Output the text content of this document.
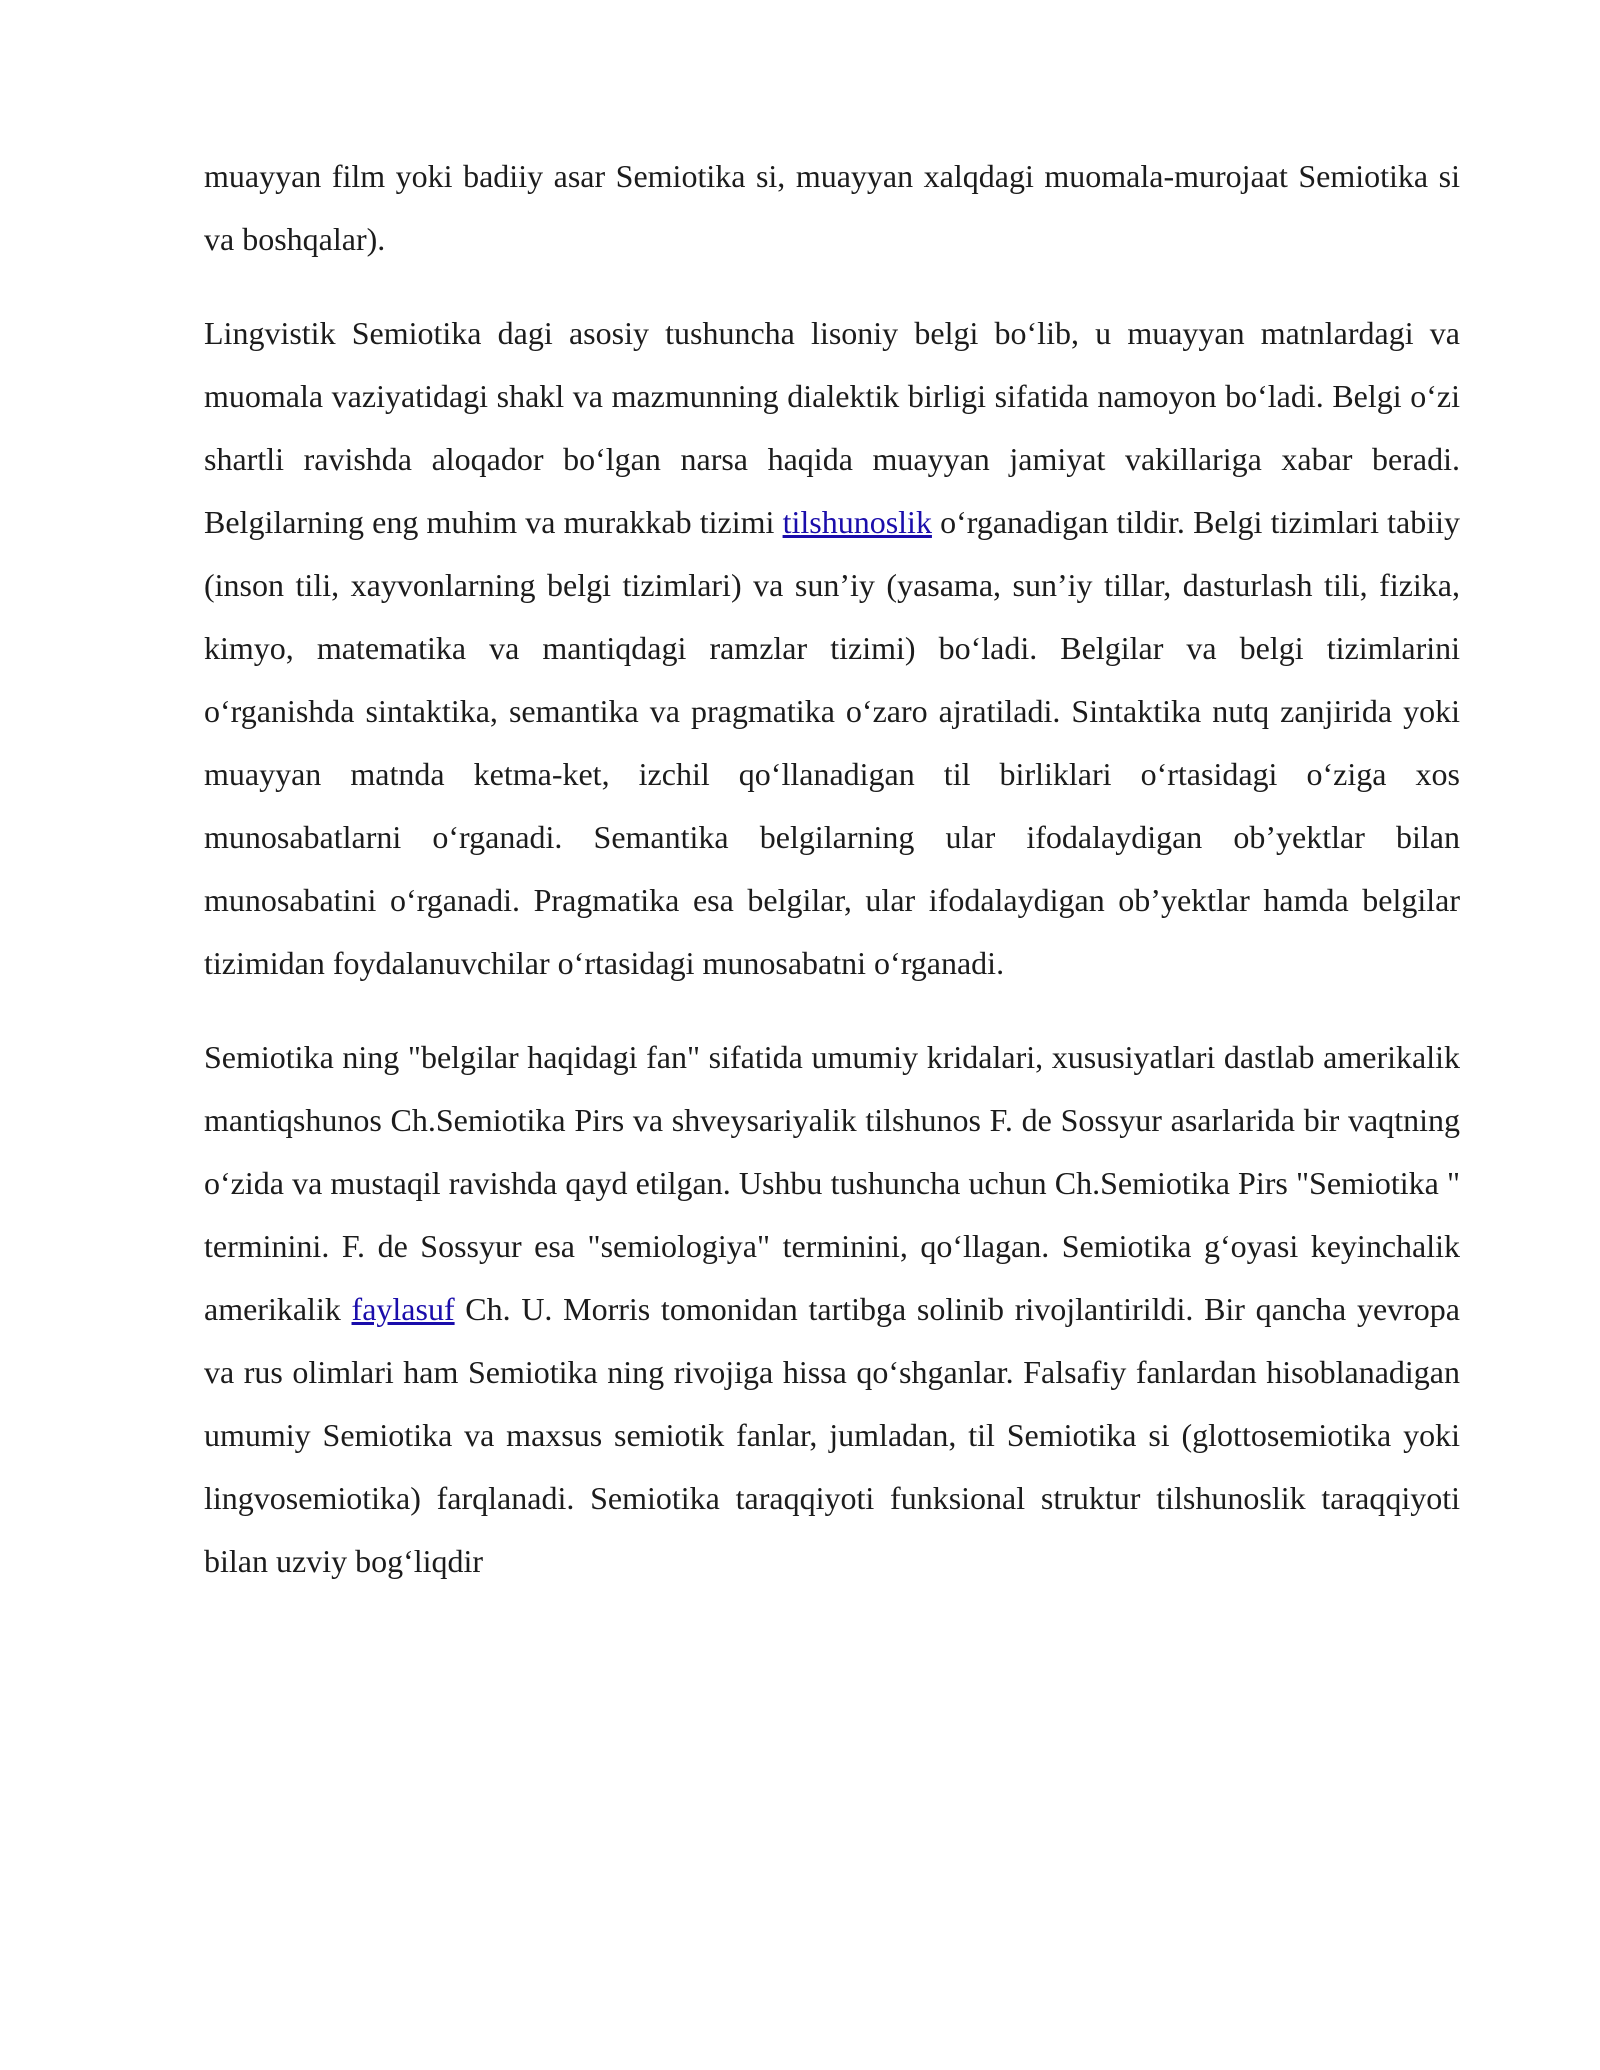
muayyan film yoki badiiy asar Semiotika si, muayyan xalqdagi muomala-murojaat Semiotika si va boshqalar).

Lingvistik Semiotika dagi asosiy tushuncha lisoniy belgi bo‘lib, u muayyan matnlardagi va muomala vaziyatidagi shakl va mazmunning dialektik birligi sifatida namoyon bo‘ladi. Belgi o‘zi shartli ravishda aloqador bo‘lgan narsa haqida muayyan jamiyat vakillariga xabar beradi. Belgilarning eng muhim va murakkab tizimi tilshunoslik o‘rganadigan tildir. Belgi tizimlari tabiiy (inson tili, xayvonlarning belgi tizimlari) va sun’iy (yasama, sun’iy tillar, dasturlash tili, fizika, kimyo, matematika va mantiqdagi ramzlar tizimi) bo‘ladi. Belgilar va belgi tizimlarini o‘rganishda sintaktika, semantika va pragmatika o‘zaro ajratiladi. Sintaktika nutq zanjirida yoki muayyan matnda ketma-ket, izchil qo‘llanadigan til birliklari o‘rtasidagi o‘ziga xos munosabatlarni o‘rganadi. Semantika belgilarning ular ifodalaydigan ob’yektlar bilan munosabatini o‘rganadi. Pragmatika esa belgilar, ular ifodalaydigan ob’yektlar hamda belgilar tizimidan foydalanuvchilar o‘rtasidagi munosabatni o‘rganadi.

Semiotika ning "belgilar haqidagi fan" sifatida umumiy kridalari, xususiyatlari dastlab amerikalik mantiqshunos Ch.Semiotika Pirs va shveysariyalik tilshunos F. de Sossyur asarlarida bir vaqtning o‘zida va mustaqil ravishda qayd etilgan. Ushbu tushuncha uchun Ch.Semiotika Pirs "Semiotika " terminini. F. de Sossyur esa "semiologiya" terminini, qo‘llagan. Semiotika g‘oyasi keyinchalik amerikalik faylasuf Ch. U. Morris tomonidan tartibga solinib rivojlantirildi. Bir qancha yevropa va rus olimlari ham Semiotika ning rivojiga hissa qo‘shganlar. Falsafiy fanlardan hisoblanadigan umumiy Semiotika va maxsus semiotik fanlar, jumladan, til Semiotika si (glottosemiotika yoki lingvosemiotika) farqlanadi. Semiotika taraqqiyoti funksional struktur tilshunoslik taraqqiyoti bilan uzviy bog‘liqdir
